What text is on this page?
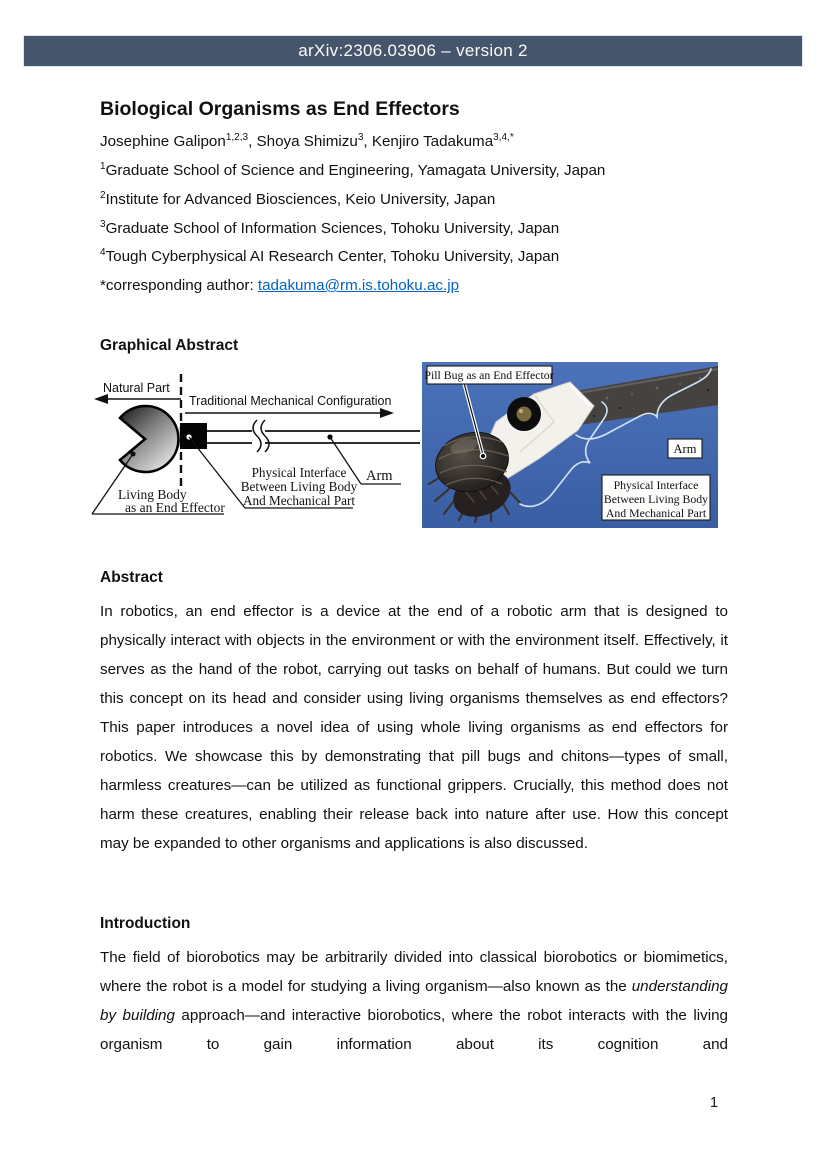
arXiv:2306.03906 – version 2
Biological Organisms as End Effectors
Josephine Galipon$^{1,2,3}$, Shoya Shimizu$^3$, Kenjiro Tadakuma$^{3,4,*}$
$^1$Graduate School of Science and Engineering, Yamagata University, Japan
$^2$Institute for Advanced Biosciences, Keio University, Japan
$^3$Graduate School of Information Sciences, Tohoku University, Japan
$^4$Tough Cyberphysical AI Research Center, Tohoku University, Japan
*corresponding author: tadakuma@rm.is.tohoku.ac.jp
Graphical Abstract
Natural Part
Traditional Mechanical Configuration
Living Body
as an End Effector
Physical Interface
Between Living Body
And Mechanical Part
Arm
Pill Bug as an End Effector
Arm
Physical Interface
Between Living Body
And Mechanical Part
Abstract
In robotics, an end effector is a device at the end of a robotic arm that is designed to physically interact with objects in the environment or with the environment itself. Effectively, it serves as the hand of the robot, carrying out tasks on behalf of humans. But could we turn this concept on its head and consider using living organisms themselves as end effectors? This paper introduces a novel idea of using whole living organisms as end effectors for robotics. We showcase this by demonstrating that pill bugs and chitons—types of small, harmless creatures—can be utilized as functional grippers. Crucially, this method does not harm these creatures, enabling their release back into nature after use. How this concept may be expanded to other organisms and applications is also discussed.
Introduction
The field of biorobotics may be arbitrarily divided into classical biorobotics or biomimetics, where the robot is a model for studying a living organism—also known as the understanding by building approach—and interactive biorobotics, where the robot interacts with the living organism to gain information about its cognition and
1
